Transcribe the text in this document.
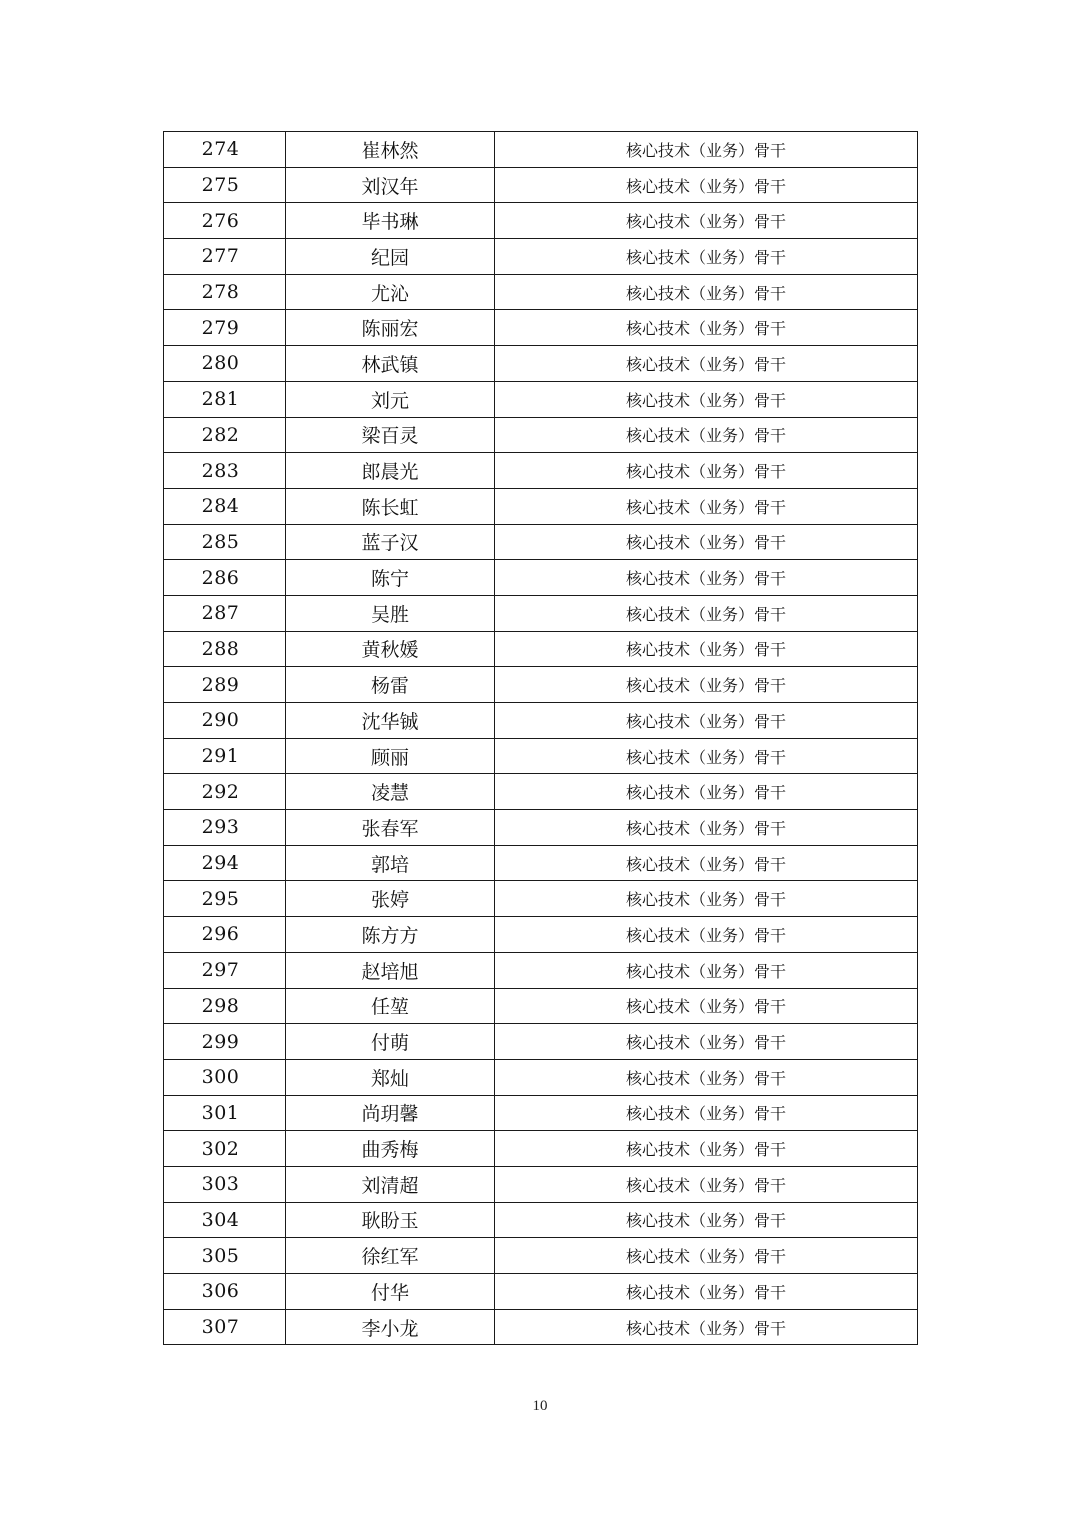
274	崔林然	核心技术（业务）骨干
275	刘汉年	核心技术（业务）骨干
276	毕书琳	核心技术（业务）骨干
277	纪园	核心技术（业务）骨干
278	尤沁	核心技术（业务）骨干
279	陈丽宏	核心技术（业务）骨干
280	林武镇	核心技术（业务）骨干
281	刘元	核心技术（业务）骨干
282	梁百灵	核心技术（业务）骨干
283	郎晨光	核心技术（业务）骨干
284	陈长虹	核心技术（业务）骨干
285	蓝子汉	核心技术（业务）骨干
286	陈宁	核心技术（业务）骨干
287	吴胜	核心技术（业务）骨干
288	黄秋媛	核心技术（业务）骨干
289	杨雷	核心技术（业务）骨干
290	沈华铖	核心技术（业务）骨干
291	顾丽	核心技术（业务）骨干
292	凌慧	核心技术（业务）骨干
293	张春军	核心技术（业务）骨干
294	郭培	核心技术（业务）骨干
295	张婷	核心技术（业务）骨干
296	陈方方	核心技术（业务）骨干
297	赵培旭	核心技术（业务）骨干
298	任堃	核心技术（业务）骨干
299	付萌	核心技术（业务）骨干
300	郑灿	核心技术（业务）骨干
301	尚玥馨	核心技术（业务）骨干
302	曲秀梅	核心技术（业务）骨干
303	刘清超	核心技术（业务）骨干
304	耿盼玉	核心技术（业务）骨干
305	徐红军	核心技术（业务）骨干
306	付华	核心技术（业务）骨干
307	李小龙	核心技术（业务）骨干
10
